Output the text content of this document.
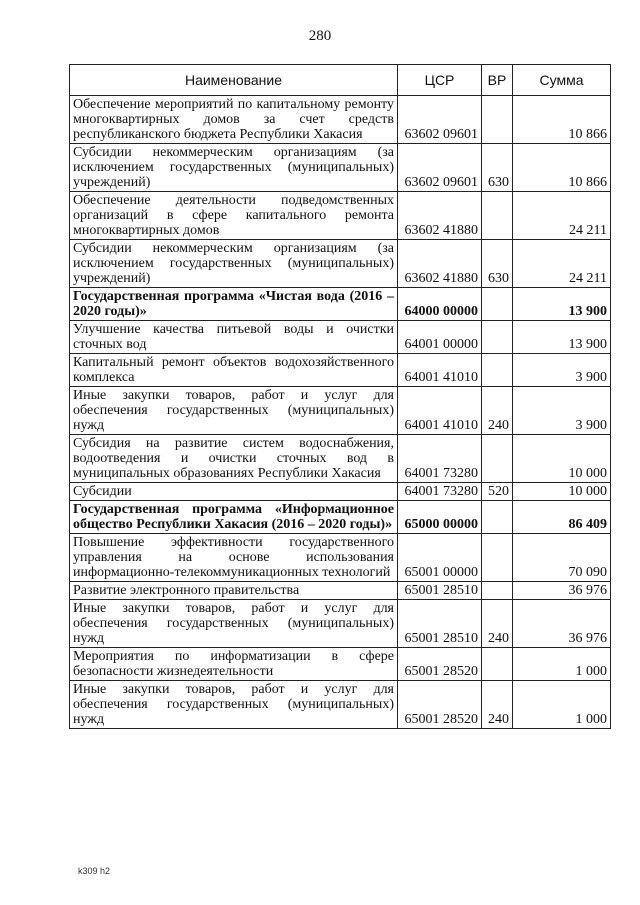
280
Наименование	ЦСР	ВР	Сумма
Обеспечение мероприятий по капитальному ремонту многоквартирных домов за счет средств республиканского бюджета Республики Хакасия	63602 09601		10 866
Субсидии некоммерческим организациям (за исключением государственных (муниципальных) учреждений)	63602 09601	630	10 866
Обеспечение деятельности подведомственных организаций в сфере капитального ремонта многоквартирных домов	63602 41880		24 211
Субсидии некоммерческим организациям (за исключением государственных (муниципальных) учреждений)	63602 41880	630	24 211
Государственная программа «Чистая вода (2016 – 2020 годы)»	64000 00000		13 900
Улучшение качества питьевой воды и очистки сточных вод	64001 00000		13 900
Капитальный ремонт объектов водохозяйственного комплекса	64001 41010		3 900
Иные закупки товаров, работ и услуг для обеспечения государственных (муниципальных) нужд	64001 41010	240	3 900
Субсидия на развитие систем водоснабжения, водоотведения и очистки сточных вод в муниципальных образованиях Республики Хакасия	64001 73280		10 000
Субсидии	64001 73280	520	10 000
Государственная программа «Информационное общество Республики Хакасия (2016 – 2020 годы)»	65000 00000		86 409
Повышение эффективности государственного управления на основе использования информационно-телекоммуникационных технологий	65001 00000		70 090
Развитие электронного правительства	65001 28510		36 976
Иные закупки товаров, работ и услуг для обеспечения государственных (муниципальных) нужд	65001 28510	240	36 976
Мероприятия по информатизации в сфере безопасности жизнедеятельности	65001 28520		1 000
Иные закупки товаров, работ и услуг для обеспечения государственных (муниципальных) нужд	65001 28520	240	1 000
k309 h2
